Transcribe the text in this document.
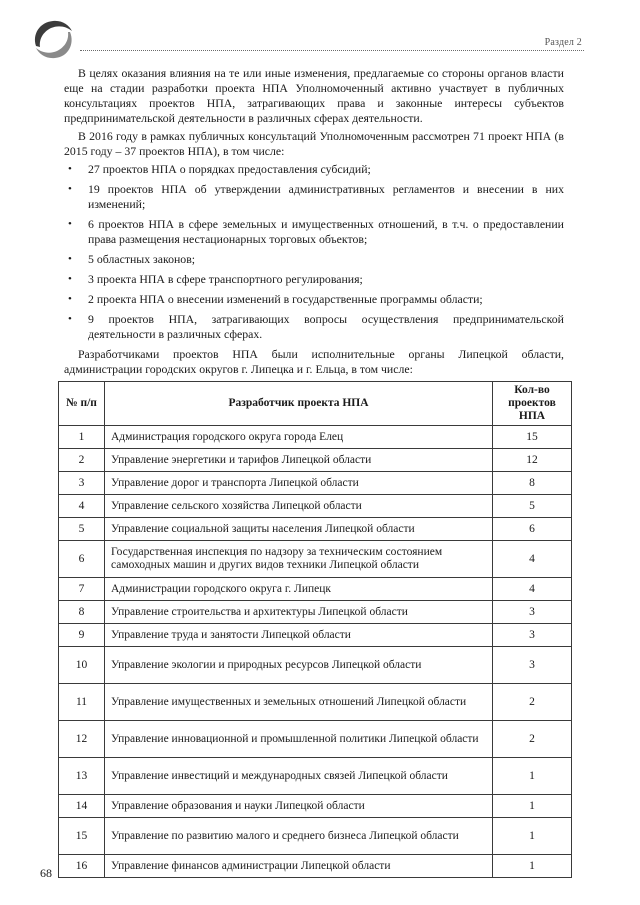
Раздел 2

В целях оказания влияния на те или иные изменения, предлагаемые со стороны органов власти еще на стадии разработки проекта НПА Уполномоченный активно участвует в публичных консультациях проектов НПА, затрагивающих права и законные интересы субъектов предпринимательской деятельности в различных сферах деятельности.

В 2016 году в рамках публичных консультаций Уполномоченным рассмотрен 71 проект НПА (в 2015 году – 37 проектов НПА), в том числе:

• 27 проектов НПА о порядках предоставления субсидий;
• 19 проектов НПА об утверждении административных регламентов и внесении в них изменений;
• 6 проектов НПА в сфере земельных и имущественных отношений, в т.ч. о предоставлении права размещения нестационарных торговых объектов;
• 5 областных законов;
• 3 проекта НПА в сфере транспортного регулирования;
• 2 проекта НПА о внесении изменений в государственные программы области;
• 9 проектов НПА, затрагивающих вопросы осуществления предпринимательской деятельности в различных сферах.

Разработчиками проектов НПА были исполнительные органы Липецкой области, администрации городских округов г. Липецка и г. Ельца, в том числе:

№ п/п	Разработчик проекта НПА	Кол-во проектов НПА
1	Администрация городского округа города Елец	15
2	Управление энергетики и тарифов Липецкой области	12
3	Управление дорог и транспорта Липецкой области	8
4	Управление сельского хозяйства Липецкой области	5
5	Управление социальной защиты населения Липецкой области	6
6	Государственная инспекция по надзору за техническим состоянием самоходных машин и других видов техники Липецкой области	4
7	Администрации городского округа г. Липецк	4
8	Управление строительства и архитектуры Липецкой области	3
9	Управление труда и занятости Липецкой области	3
10	Управление экологии и природных ресурсов Липецкой области	3
11	Управление имущественных и земельных отношений Липецкой области	2
12	Управление инновационной и промышленной политики Липецкой области	2
13	Управление инвестиций и международных связей Липецкой области	1
14	Управление образования и науки Липецкой области	1
15	Управление по развитию малого и среднего бизнеса Липецкой области	1
16	Управление финансов администрации Липецкой области	1
68
